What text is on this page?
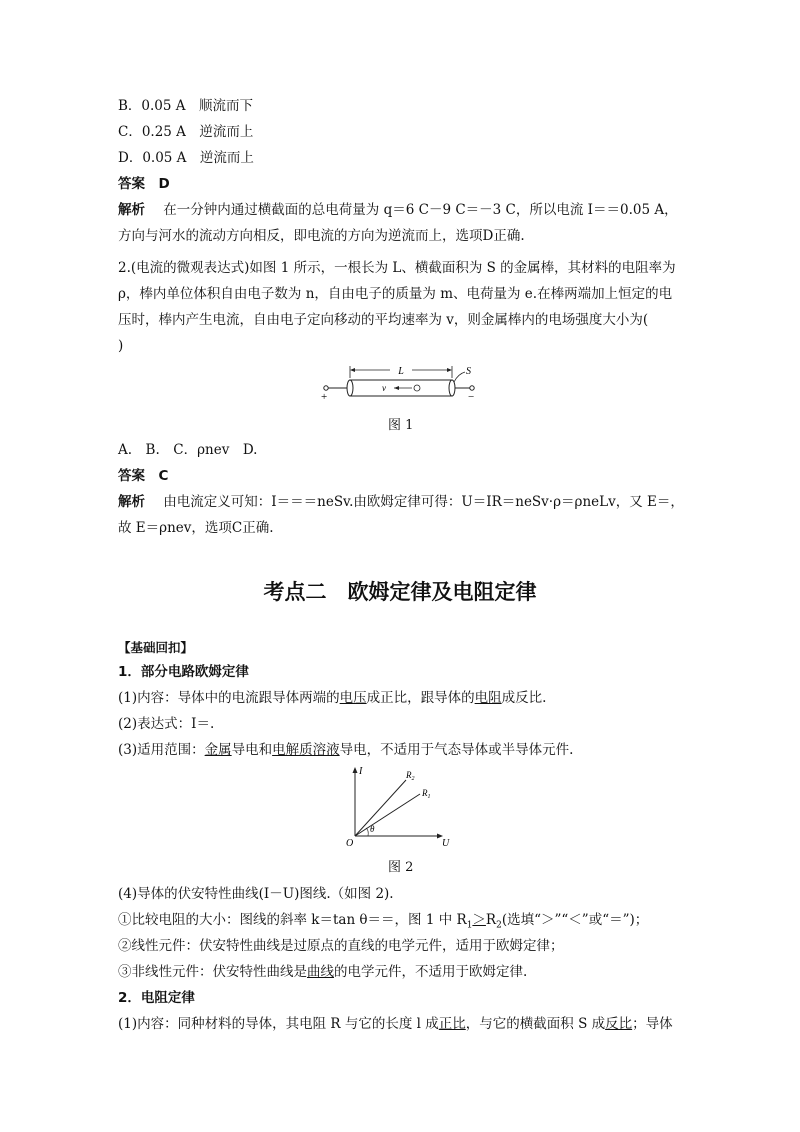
B．0.05 A　顺流而下
C．0.25 A　逆流而上
D．0.05 A　逆流而上
答案　D
解析 在一分钟内通过横截面的总电荷量为 q＝6 C－9 C＝－3 C，所以电流 I＝＝0.05 A，
方向与河水的流动方向相反，即电流的方向为逆流而上，选项D正确.
2.(电流的微观表达式)如图 1 所示，一根长为 L、横截面积为 S 的金属棒，其材料的电阻率为
ρ，棒内单位体积自由电子数为 n，自由电子的质量为 m、电荷量为 e.在棒两端加上恒定的电
压时，棒内产生电流，自由电子定向移动的平均速率为 v，则金属棒内的电场强度大小为(
)
L
v
S
+	−
图 1
A.　B.　C．ρnev　D.
答案　C
解析 由电流定义可知：I＝＝＝neSv.由欧姆定律可得：U＝IR＝neSv·ρ＝ρneLv，又 E＝，
故 E＝ρnev，选项C正确.
考点二　欧姆定律及电阻定律
【基础回扣】
1．部分电路欧姆定律
(1)内容：导体中的电流跟导体两端的电压成正比，跟导体的电阻成反比.
(2)表达式：I＝.
(3)适用范围：金属导电和电解质溶液导电，不适用于气态导体或半导体元件.
I
U
O
θ
$R_2$
$R_1$
图 2
(4)导体的伏安特性曲线(I－U)图线.（如图 2).
①比较电阻的大小：图线的斜率 k＝tan θ＝＝，图 1 中 $R_1>R_2$(选填“＞”“＜”或“＝”)；
②线性元件：伏安特性曲线是过原点的直线的电学元件，适用于欧姆定律；
③非线性元件：伏安特性曲线是曲线的电学元件，不适用于欧姆定律.
2．电阻定律
(1)内容：同种材料的导体，其电阻 R 与它的长度 l 成正比，与它的横截面积 S 成反比；导体
